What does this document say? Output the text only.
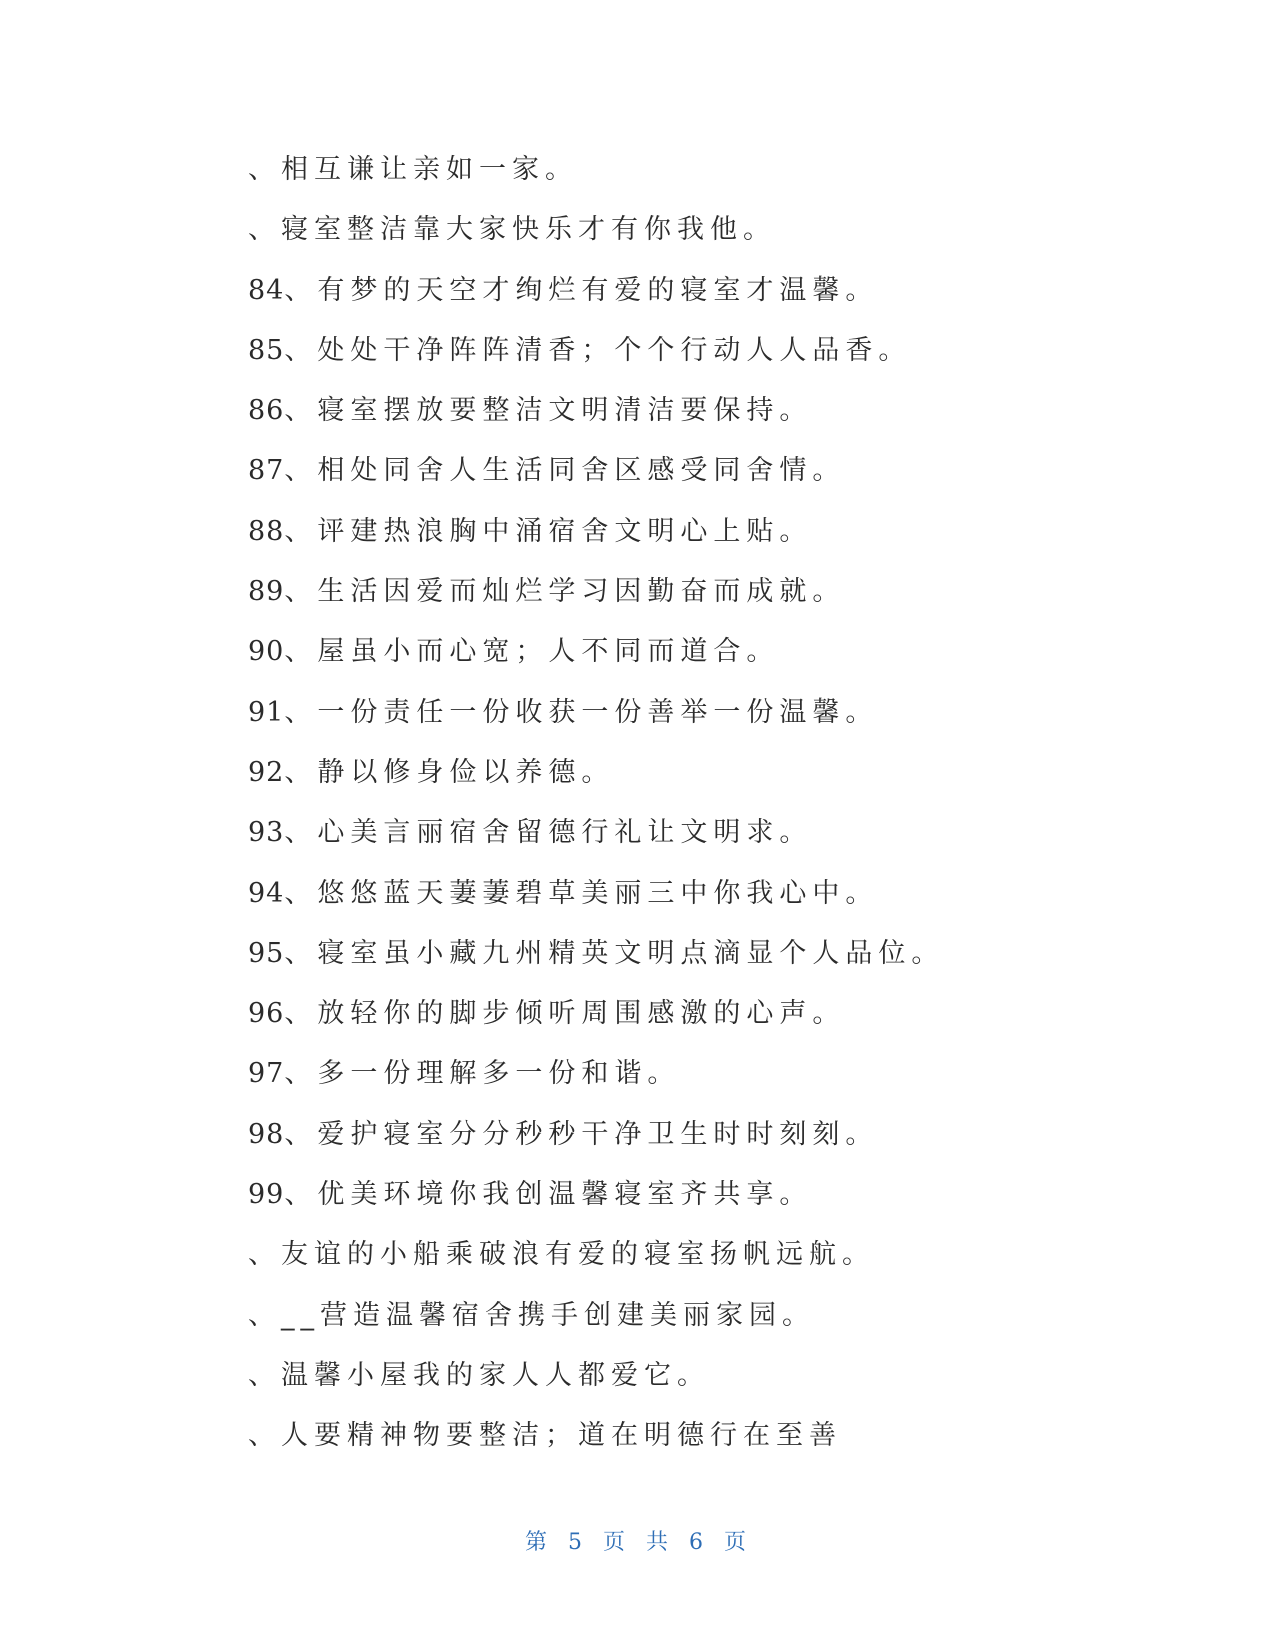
、相互谦让亲如一家。
、寝室整洁靠大家快乐才有你我他。
84 、有梦的天空才绚烂有爱的寝室才温馨。
85 、处处干净阵阵清香；个个行动人人品香。
86 、寝室摆放要整洁文明清洁要保持。
87 、相处同舍人生活同舍区感受同舍情。
88 、评建热浪胸中涌宿舍文明心上贴。
89 、生活因爱而灿烂学习因勤奋而成就。
90 、屋虽小而心宽；人不同而道合。
91 、一份责任一份收获一份善举一份温馨。
92 、静以修身俭以养德。
93 、心美言丽宿舍留德行礼让文明求。
94 、悠悠蓝天萋萋碧草美丽三中你我心中。
95 、寝室虽小藏九州精英文明点滴显个人品位。
96 、放轻你的脚步倾听周围感激的心声。
97 、多一份理解多一份和谐。
98 、爱护寝室分分秒秒干净卫生时时刻刻。
99 、优美环境你我创温馨寝室齐共享。
、友谊的小船乘破浪有爱的寝室扬帆远航。
、__营造温馨宿舍携手创建美丽家园。
、温馨小屋我的家人人都爱它。
、人要精神物要整洁；道在明德行在至善
第 5 页 共 6 页
